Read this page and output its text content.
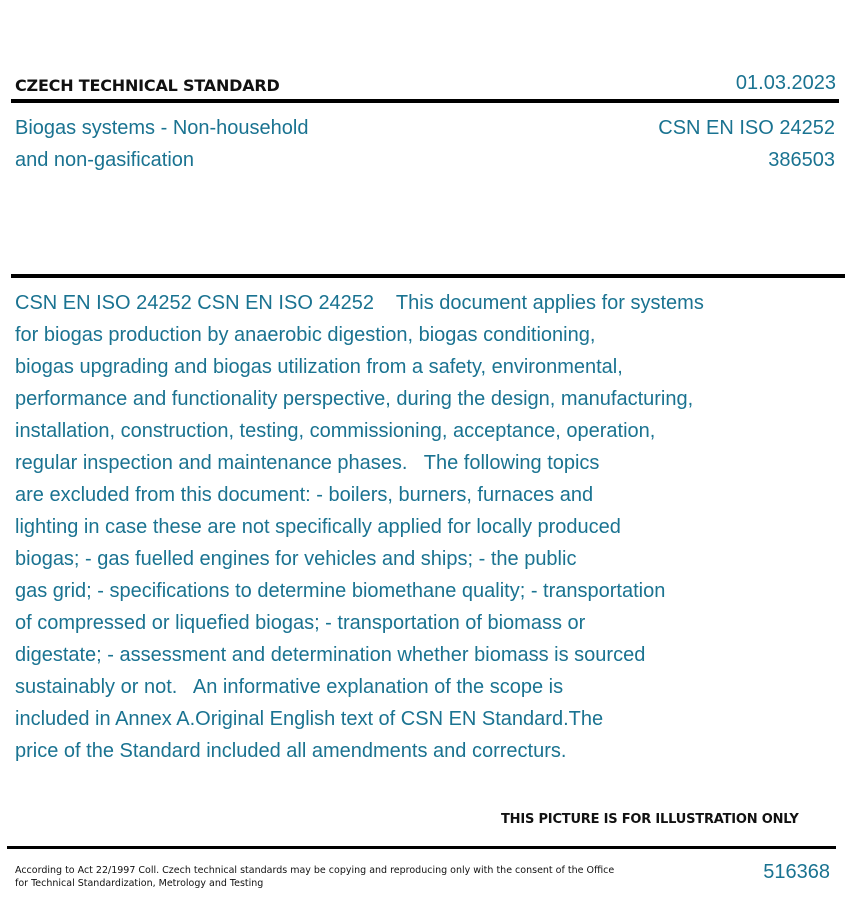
CZECH TECHNICAL STANDARD	01.03.2023
Biogas systems - Non-household
and non-gasification
CSN EN ISO 24252
386503
CSN EN ISO 24252 CSN EN ISO 24252    This document applies for systems
for biogas production by anaerobic digestion, biogas conditioning,
biogas upgrading and biogas utilization from a safety, environmental,
performance and functionality perspective, during the design, manufacturing,
installation, construction, testing, commissioning, acceptance, operation,
regular inspection and maintenance phases.   The following topics
are excluded from this document: - boilers, burners, furnaces and
lighting in case these are not specifically applied for locally produced
biogas; - gas fuelled engines for vehicles and ships; - the public
gas grid; - specifications to determine biomethane quality; - transportation
of compressed or liquefied biogas; - transportation of biomass or
digestate; - assessment and determination whether biomass is sourced
sustainably or not.   An informative explanation of the scope is
included in Annex A.Original English text of CSN EN Standard.The
price of the Standard included all amendments and correcturs.
THIS PICTURE IS FOR ILLUSTRATION ONLY
According to Act 22/1997 Coll. Czech technical standards may be copying and reproducing only with the consent of the Office
for Technical Standardization, Metrology and Testing
516368
